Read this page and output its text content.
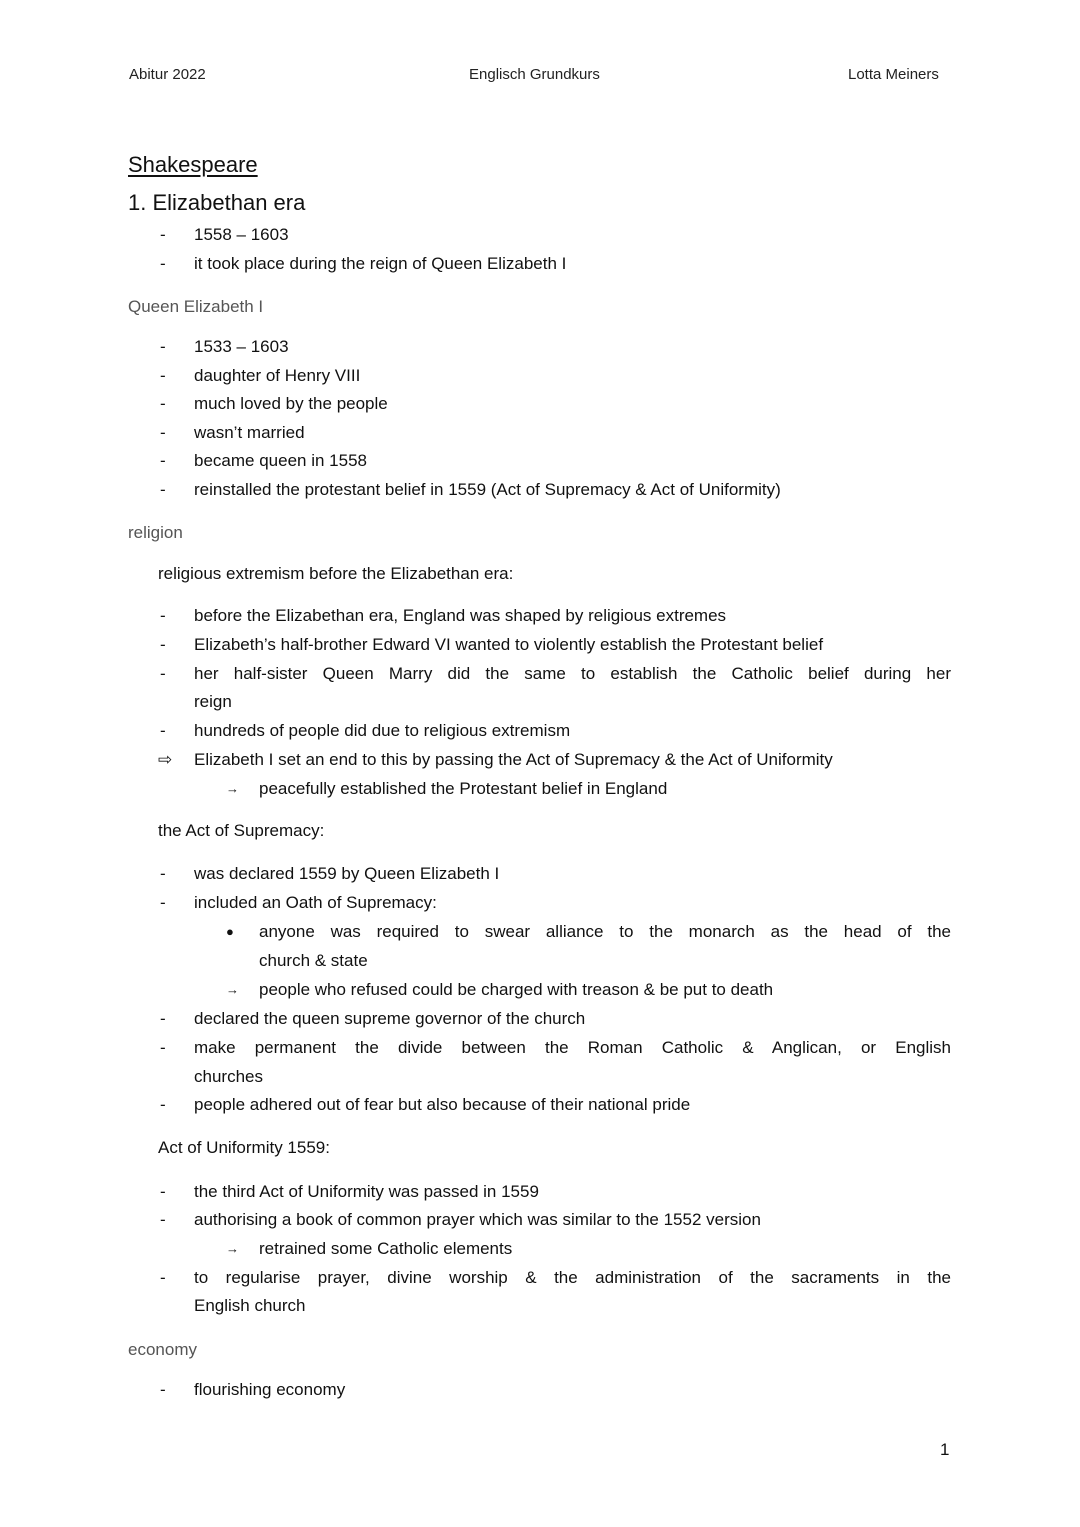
Abitur 2022	Englisch Grundkurs	Lotta Meiners
Shakespeare
1. Elizabethan era
- 1558 – 1603
- it took place during the reign of Queen Elizabeth I
Queen Elizabeth I
- 1533 – 1603
- daughter of Henry VIII
- much loved by the people
- wasn’t married
- became queen in 1558
- reinstalled the protestant belief in 1559 (Act of Supremacy & Act of Uniformity)
religion
religious extremism before the Elizabethan era:
- before the Elizabethan era, England was shaped by religious extremes
- Elizabeth’s half-brother Edward VI wanted to violently establish the Protestant belief
- her half-sister Queen Marry did the same to establish the Catholic belief during her
reign
- hundreds of people did due to religious extremism
⇨ Elizabeth I set an end to this by passing the Act of Supremacy & the Act of Uniformity
→ peacefully established the Protestant belief in England
the Act of Supremacy:
- was declared 1559 by Queen Elizabeth I
- included an Oath of Supremacy:
● anyone was required to swear alliance to the monarch as the head of the
church & state
→ people who refused could be charged with treason & be put to death
- declared the queen supreme governor of the church
- make permanent the divide between the Roman Catholic & Anglican, or English
churches
- people adhered out of fear but also because of their national pride
Act of Uniformity 1559:
- the third Act of Uniformity was passed in 1559
- authorising a book of common prayer which was similar to the 1552 version
→ retrained some Catholic elements
- to regularise prayer, divine worship & the administration of the sacraments in the
English church
economy
- flourishing economy
1
